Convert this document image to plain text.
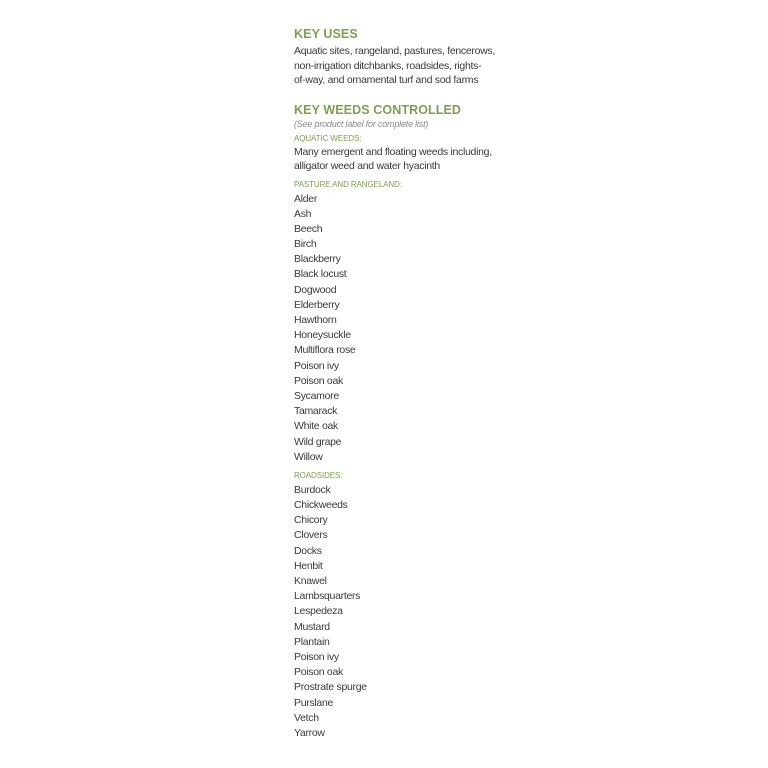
KEY USES
Aquatic sites, rangeland, pastures, fencerows,
non-irrigation ditchbanks, roadsides, rights-
of-way, and ornamental turf and sod farms
KEY WEEDS CONTROLLED
(See product label for complete list)
AQUATIC WEEDS:
Many emergent and floating weeds including,
alligator weed and water hyacinth
PASTURE AND RANGELAND:
Alder
Ash
Beech
Birch
Blackberry
Black locust
Dogwood
Elderberry
Hawthorn
Honeysuckle
Multiflora rose
Poison ivy
Poison oak
Sycamore
Tamarack
White oak
Wild grape
Willow
ROADSIDES:
Burdock
Chickweeds
Chicory
Clovers
Docks
Henbit
Knawel
Lambsquarters
Lespedeza
Mustard
Plantain
Poison ivy
Poison oak
Prostrate spurge
Purslane
Vetch
Yarrow
